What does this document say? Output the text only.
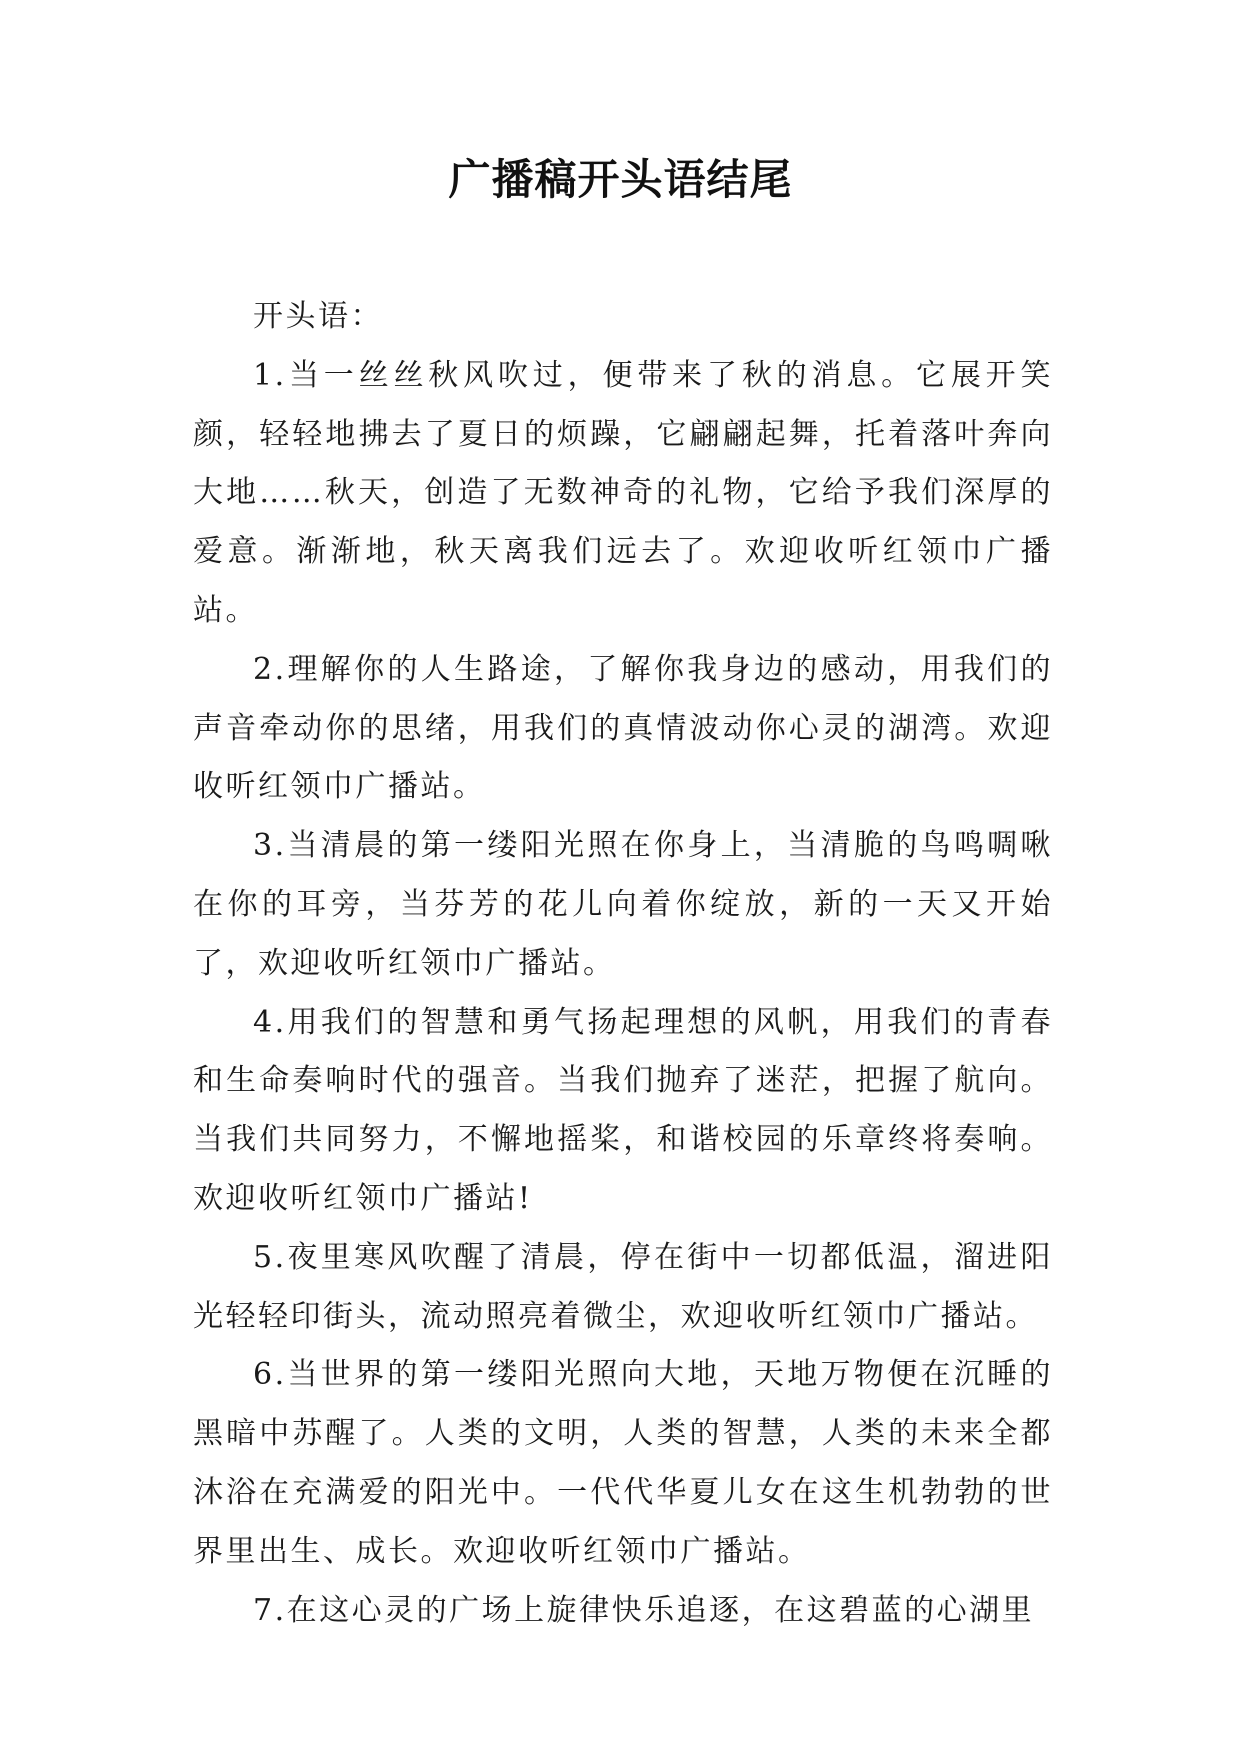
广播稿开头语结尾

开头语：

1.当一丝丝秋风吹过，便带来了秋的消息。它展开笑颜，轻轻地拂去了夏日的烦躁，它翩翩起舞，托着落叶奔向大地……秋天，创造了无数神奇的礼物，它给予我们深厚的爱意。渐渐地，秋天离我们远去了。欢迎收听红领巾广播站。

2.理解你的人生路途，了解你我身边的感动，用我们的声音牵动你的思绪，用我们的真情波动你心灵的湖湾。欢迎收听红领巾广播站。

3.当清晨的第一缕阳光照在你身上，当清脆的鸟鸣啁啾在你的耳旁，当芬芳的花儿向着你绽放，新的一天又开始了，欢迎收听红领巾广播站。

4.用我们的智慧和勇气扬起理想的风帆，用我们的青春和生命奏响时代的强音。当我们抛弃了迷茫，把握了航向。当我们共同努力，不懈地摇桨，和谐校园的乐章终将奏响。欢迎收听红领巾广播站!

5.夜里寒风吹醒了清晨，停在街中一切都低温，溜进阳光轻轻印街头，流动照亮着微尘，欢迎收听红领巾广播站。

6.当世界的第一缕阳光照向大地，天地万物便在沉睡的黑暗中苏醒了。人类的文明，人类的智慧，人类的未来全都沐浴在充满爱的阳光中。一代代华夏儿女在这生机勃勃的世界里出生、成长。欢迎收听红领巾广播站。

7.在这心灵的广场上旋律快乐追逐，在这碧蓝的心湖里
